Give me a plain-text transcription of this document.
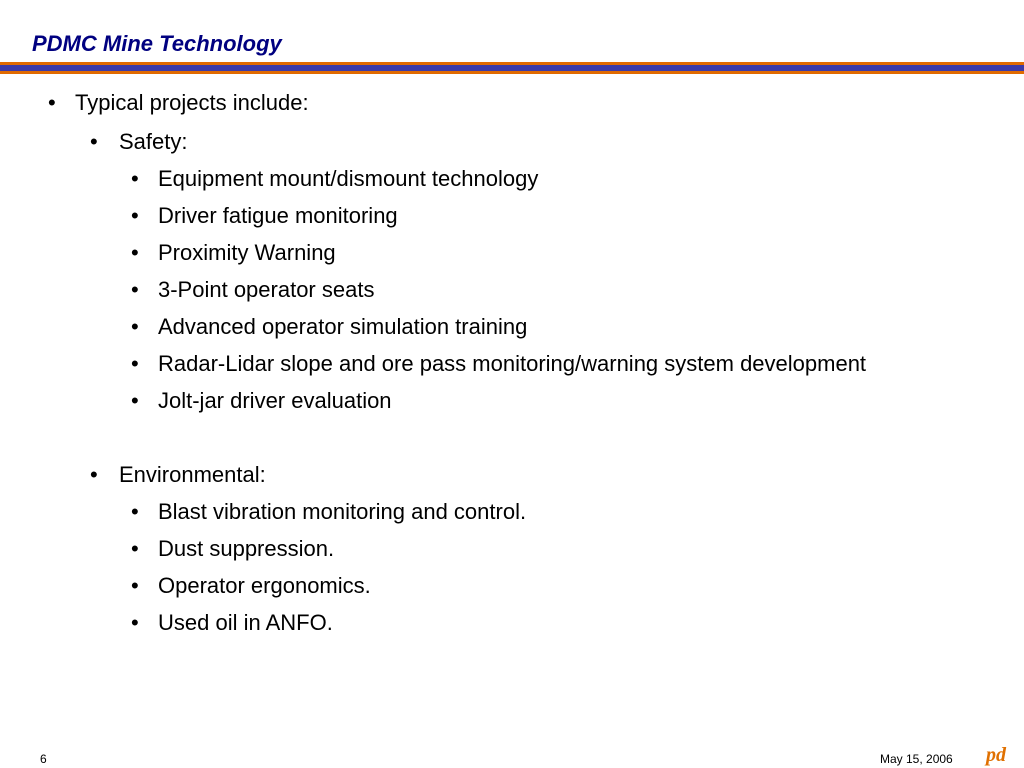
PDMC Mine Technology
• Typical projects include:
• Safety:
• Equipment mount/dismount technology
• Driver fatigue monitoring
• Proximity Warning
• 3-Point operator seats
• Advanced operator simulation training
• Radar-Lidar slope and ore pass monitoring/warning system development
• Jolt-jar driver evaluation
• Environmental:
• Blast vibration monitoring and control.
• Dust suppression.
• Operator ergonomics.
• Used oil in ANFO.
6	May 15, 2006 pd
